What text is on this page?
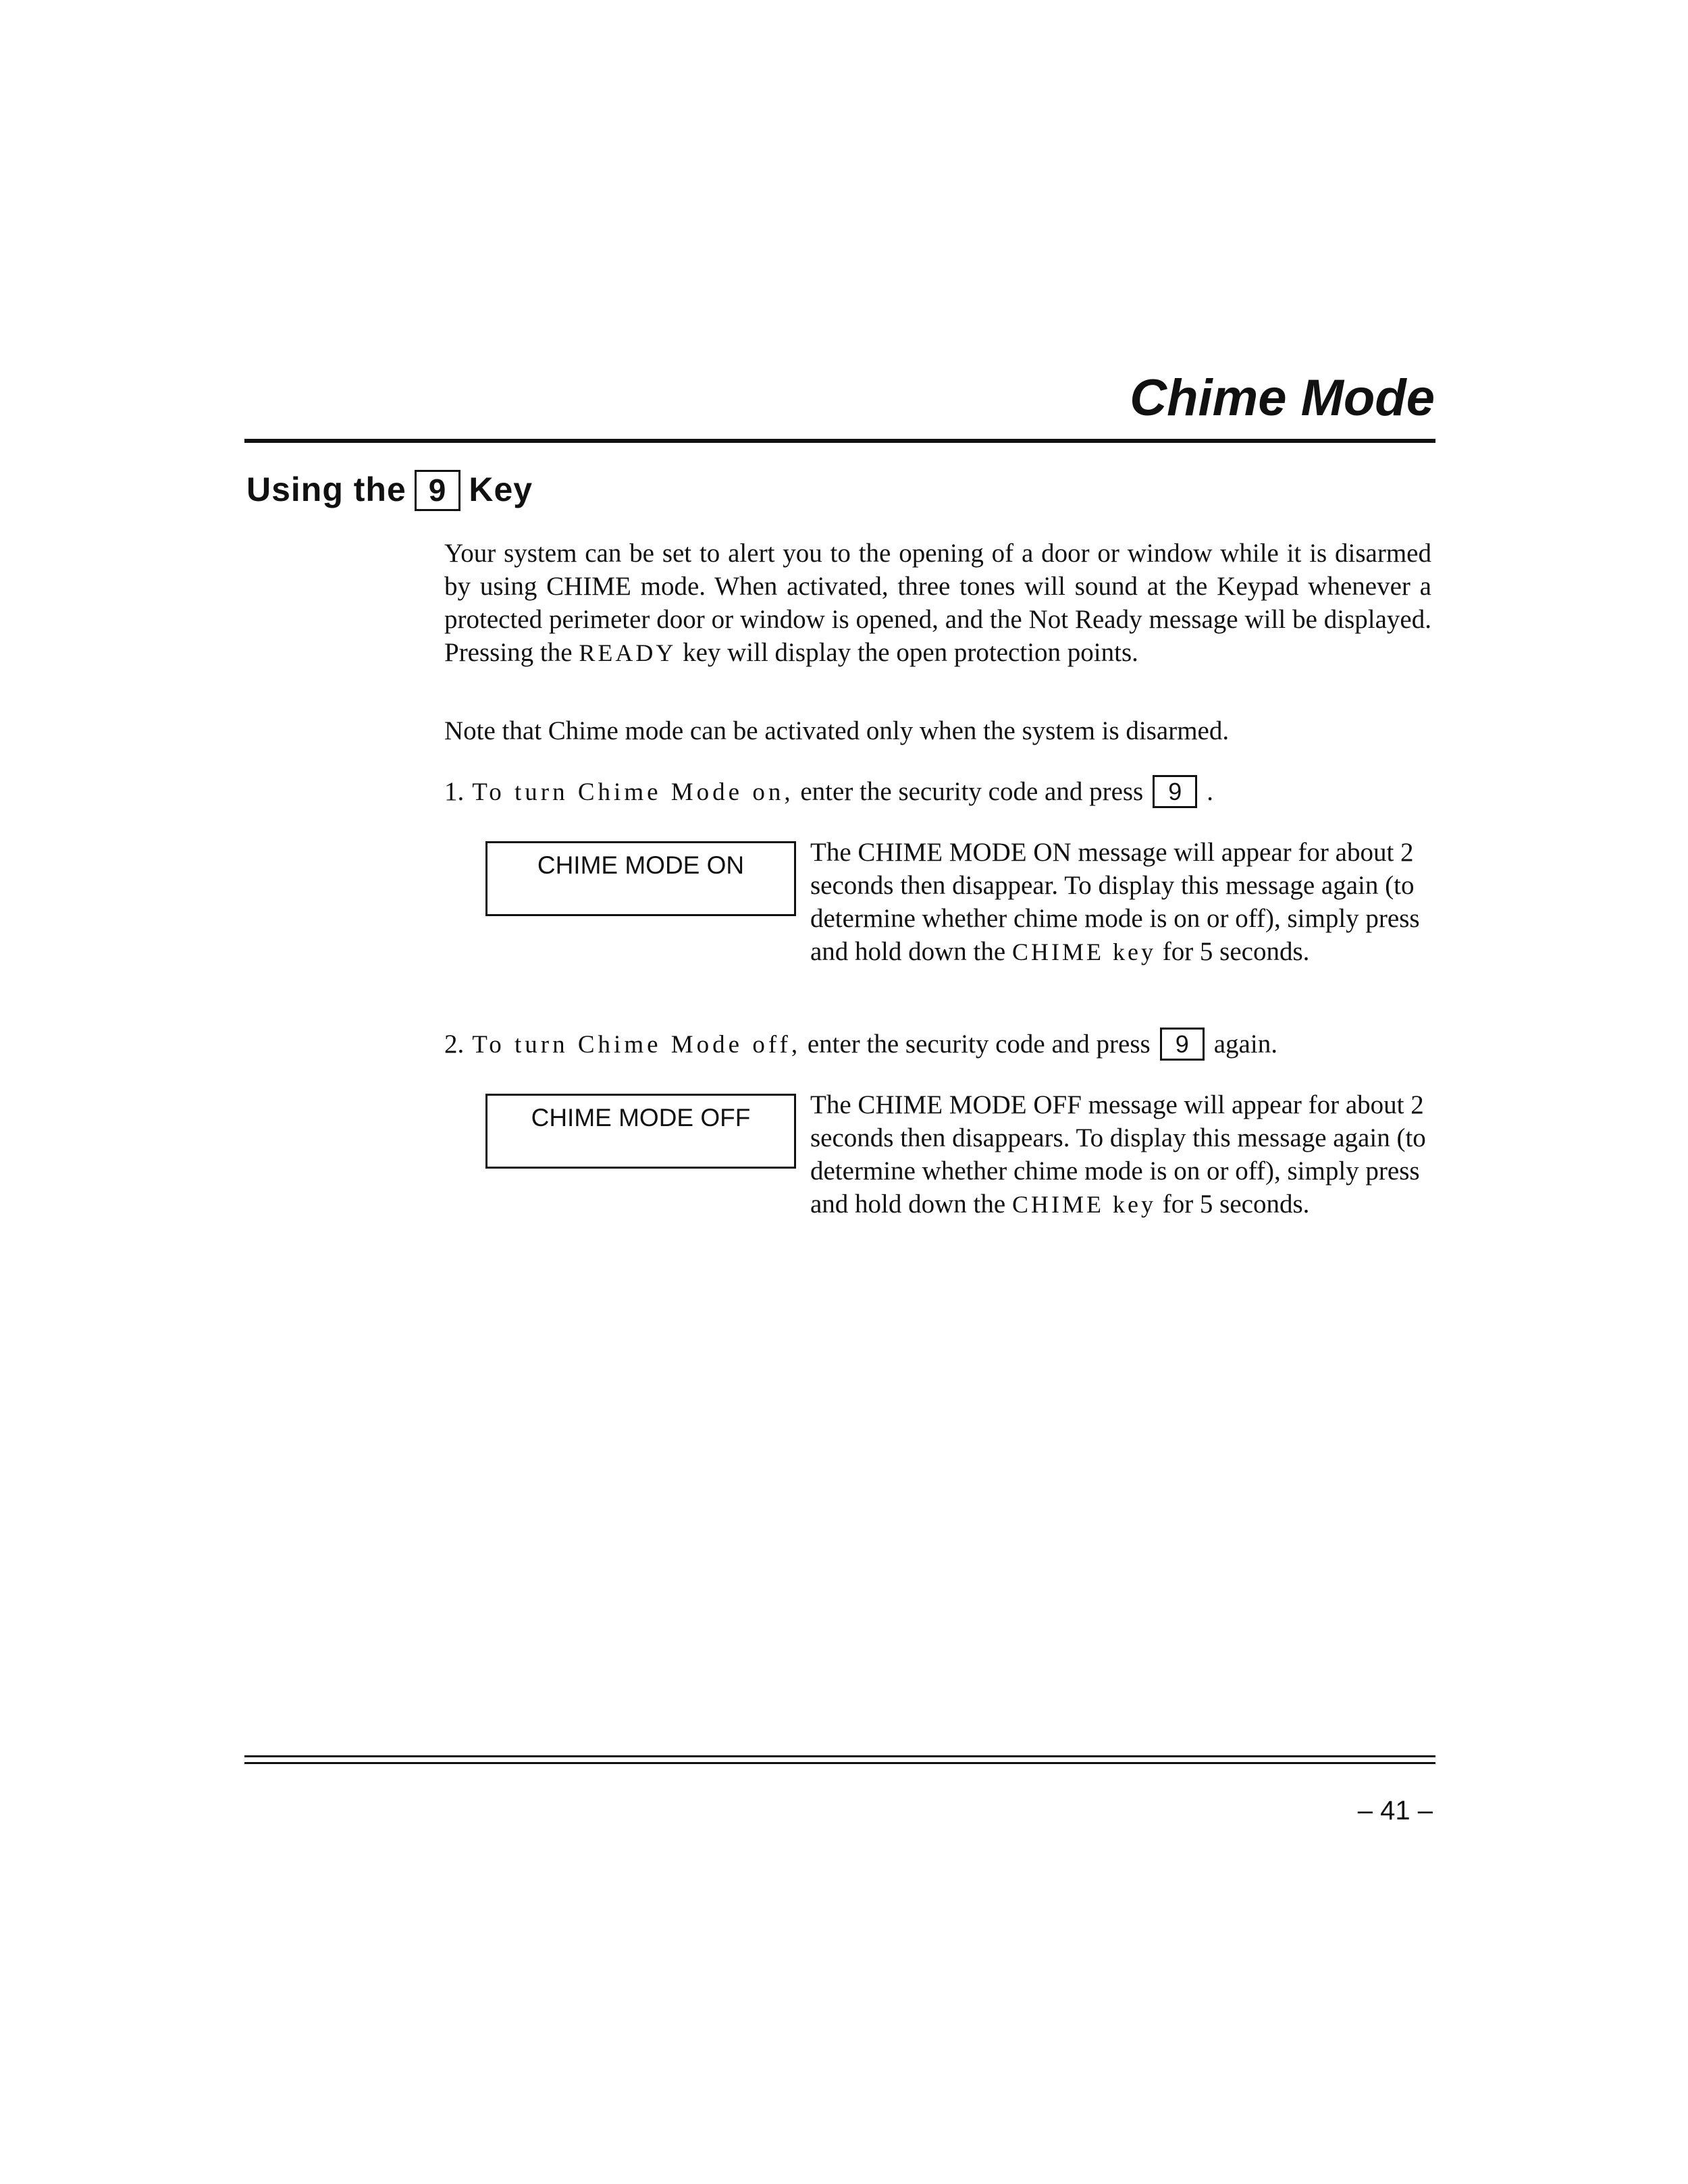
Chime Mode
Using the 9 Key

Your system can be set to alert you to the opening of a door or window while it is disarmed by using CHIME mode. When activated, three tones will sound at the Keypad whenever a protected perimeter door or window is opened, and the Not Ready message will be displayed. Pressing the READY key will display the open protection points.

Note that Chime mode can be activated only when the system is disarmed.

1. To turn Chime Mode on, enter the security code and press 9 .

CHIME MODE ON	The CHIME MODE ON message will appear for about 2 seconds then disappear. To display this message again (to determine whether chime mode is on or off), simply press and hold down the CHIME key for 5 seconds.

2. To turn Chime Mode off, enter the security code and press 9 again.

CHIME MODE OFF	The CHIME MODE OFF message will appear for about 2 seconds then disappears. To display this message again (to determine whether chime mode is on or off), simply press and hold down the CHIME key for 5 seconds.

– 41 –
